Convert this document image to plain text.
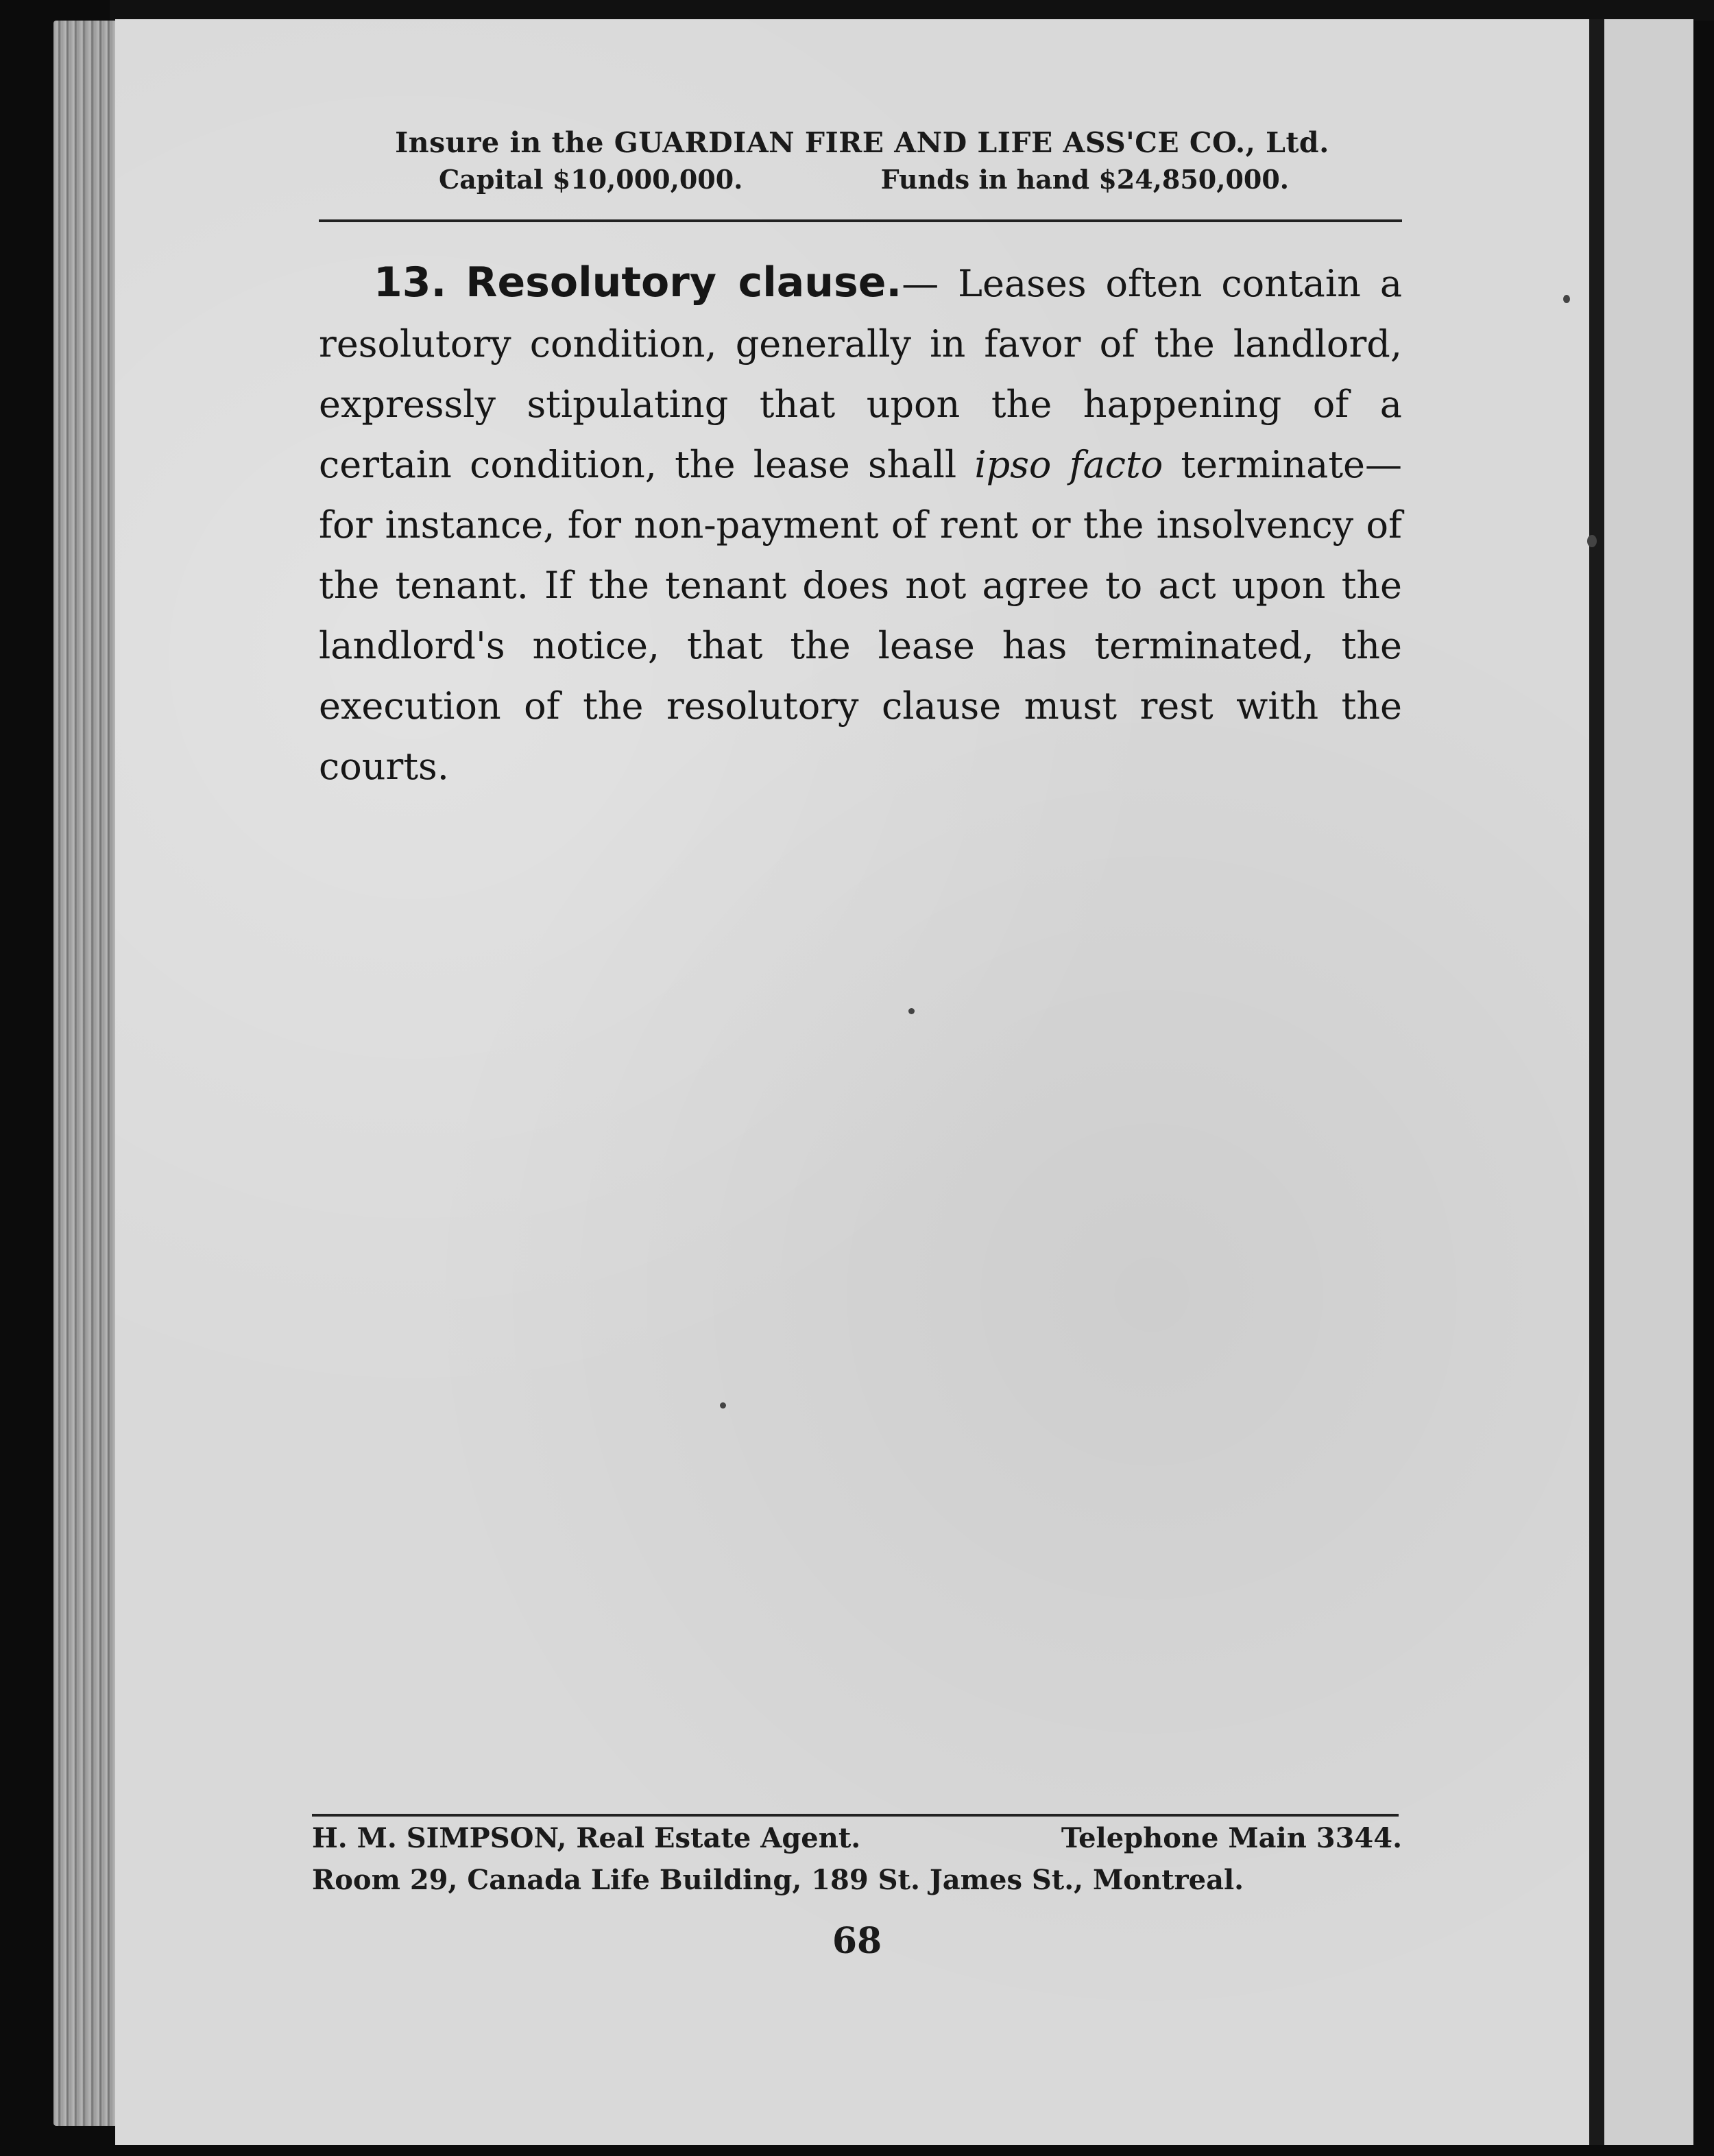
Insure in the GUARDIAN FIRE AND LIFE ASS'CE CO., Ltd.
Capital $10,000,000.	Funds in hand $24,850,000.

13. Resolutory clause.— Leases often contain a resolutory condition, generally in favor of the landlord, expressly stipulating that upon the happening of a certain condition, the lease shall ipso facto terminate—for instance, for non-payment of rent or the insolvency of the tenant. If the tenant does not agree to act upon the landlord's notice, that the lease has terminated, the execution of the resolutory clause must rest with the courts.

H. M. SIMPSON, Real Estate Agent.	Telephone Main 3344.
Room 29, Canada Life Building, 189 St. James St., Montreal.
68
